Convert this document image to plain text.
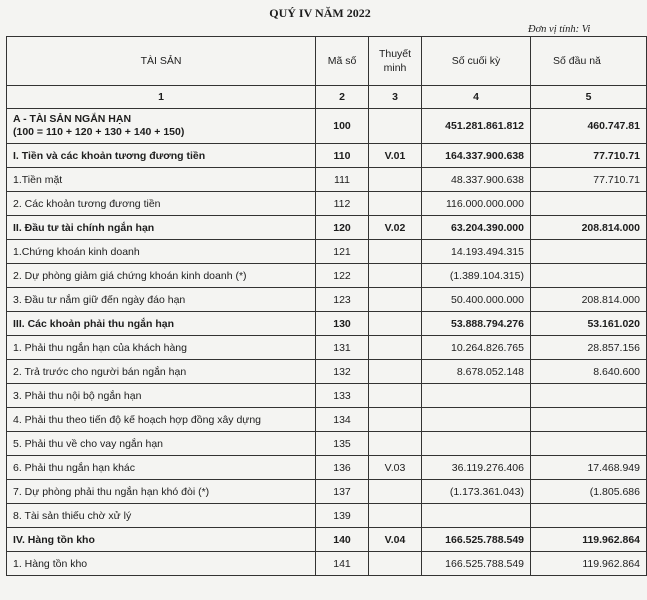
QUÝ IV NĂM 2022
Đơn vị tính: Vi
TÀI SẢN	Mã số	Thuyết minh	Số cuối kỳ	Số đầu nă
1	2	3	4	5

A - TÀI SẢN NGẮN HẠN
(100 = 110 + 120 + 130 + 140 + 150)	100		451.281.861.812	460.747.81
I. Tiền và các khoản tương đương tiền	110	V.01	164.337.900.638	77.710.71
1.Tiền mặt	111		48.337.900.638	77.710.71
2. Các khoản tương đương tiền	112		116.000.000.000	
II. Đầu tư tài chính ngắn hạn	120	V.02	63.204.390.000	208.814.000
1.Chứng khoán kinh doanh	121		14.193.494.315	
2. Dự phòng giảm giá chứng khoán kinh doanh (*)	122		(1.389.104.315)	
3. Đầu tư nắm giữ đến ngày đáo hạn	123		50.400.000.000	208.814.000
III. Các khoản phải thu ngắn hạn	130		53.888.794.276	53.161.020
1. Phải thu ngắn hạn của khách hàng	131		10.264.826.765	28.857.156
2. Trả trước cho người bán ngắn hạn	132		8.678.052.148	8.640.600
3. Phải thu nội bộ ngắn hạn	133			
4. Phải thu theo tiến độ kế hoạch hợp đồng xây dựng	134			
5. Phải thu về cho vay ngắn hạn	135			
6. Phải thu ngắn hạn khác	136	V.03	36.119.276.406	17.468.949
7. Dự phòng phải thu ngắn hạn khó đòi (*)	137		(1.173.361.043)	(1.805.686
8. Tài sản thiếu chờ xử lý	139			
IV. Hàng tồn kho	140	V.04	166.525.788.549	119.962.864
1. Hàng tồn kho	141		166.525.788.549	119.962.864
